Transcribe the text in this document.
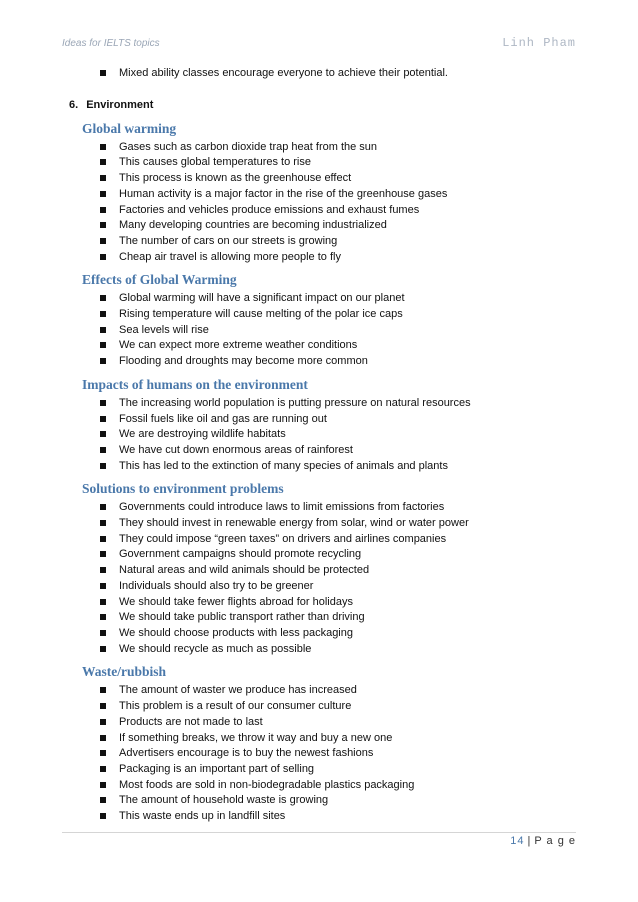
Ideas for IELTS topics	Linh Pham
Mixed ability classes encourage everyone to achieve their potential.
6. Environment
Global warming
Gases such as carbon dioxide trap heat from the sun
This causes global temperatures to rise
This process is known as the greenhouse effect
Human activity is a major factor in the rise of the greenhouse gases
Factories and vehicles produce emissions and exhaust fumes
Many developing countries are becoming industrialized
The number of cars on our streets is growing
Cheap air travel is allowing more people to fly
Effects of Global Warming
Global warming will have a significant impact on our planet
Rising temperature will cause melting of the polar ice caps
Sea levels will rise
We can expect more extreme weather conditions
Flooding and droughts may become more common
Impacts of humans on the environment
The increasing world population is putting pressure on natural resources
Fossil fuels like oil and gas are running out
We are destroying wildlife habitats
We have cut down enormous areas of rainforest
This has led to the extinction of many species of animals and plants
Solutions to environment problems
Governments could introduce laws to limit emissions from factories
They should invest in renewable energy from solar, wind or water power
They could impose “green taxes” on drivers and airlines companies
Government campaigns should promote recycling
Natural areas and wild animals should be protected
Individuals should also try to be greener
We should take fewer flights abroad for holidays
We should take public transport rather than driving
We should choose products with less packaging
We should recycle as much as possible
Waste/rubbish
The amount of waster we produce has increased
This problem is a result of our consumer culture
Products are not made to last
If something breaks, we throw it way and buy a new one
Advertisers encourage is to buy the newest fashions
Packaging is an important part of selling
Most foods are sold in non-biodegradable plastics packaging
The amount of household waste is growing
This waste ends up in landfill sites
14 | P a g e
